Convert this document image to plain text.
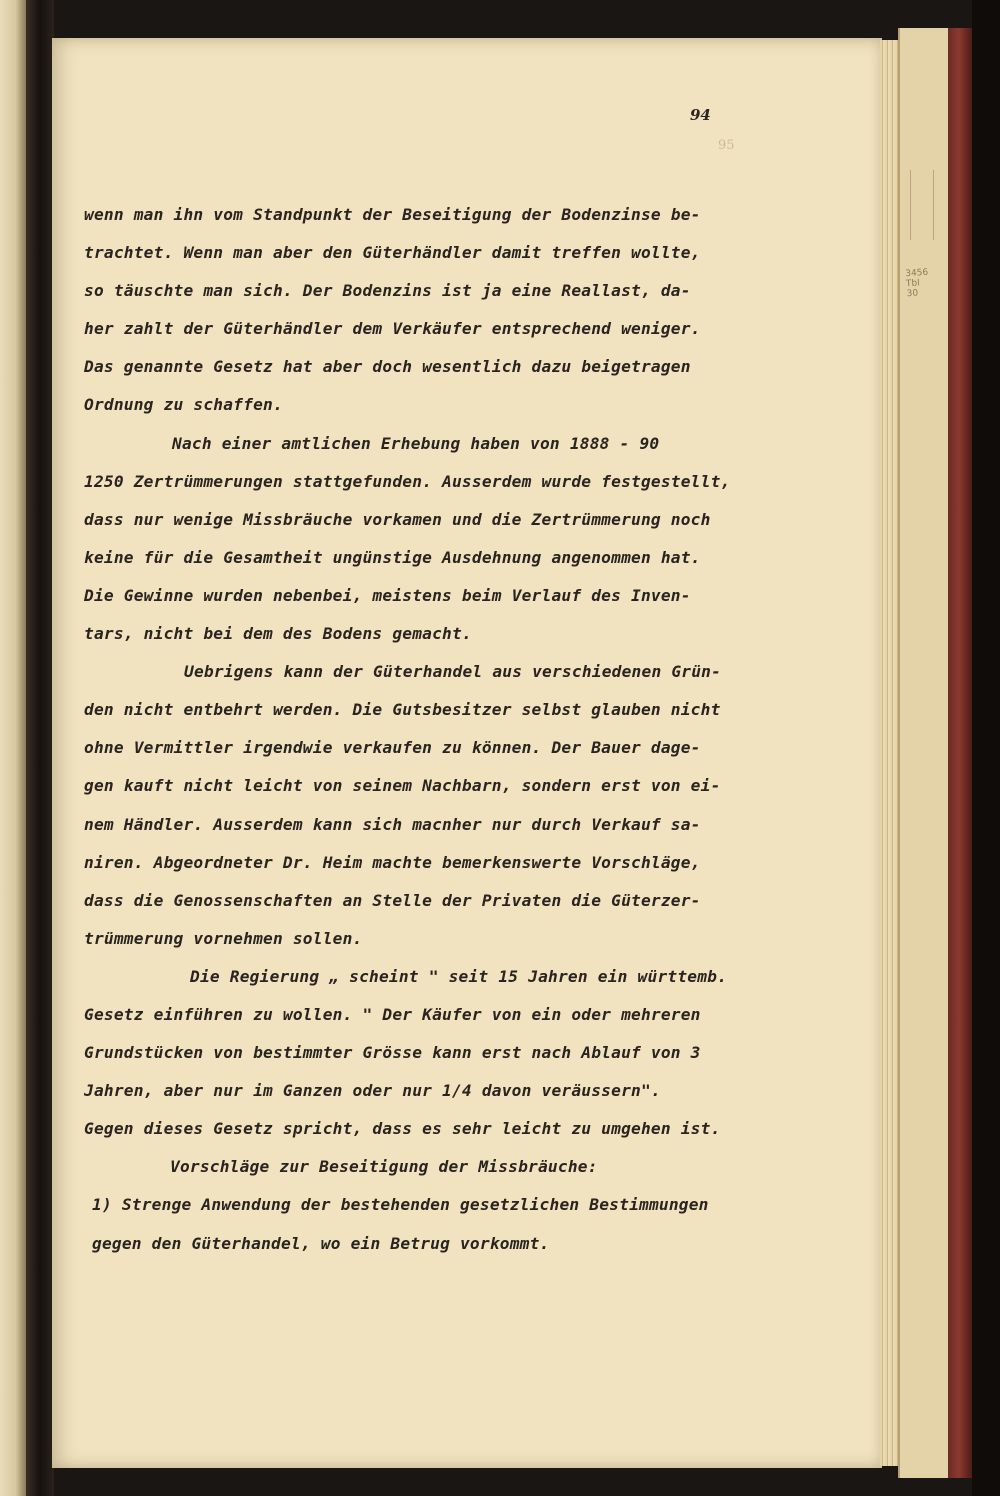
3456
Tbl
30
95
94
wenn man ihn vom Standpunkt der Beseitigung der Bodenzinse be-
trachtet. Wenn man aber den Güterhändler damit treffen wollte,
so täuschte man sich. Der Bodenzins ist ja eine Reallast, da-
her zahlt der Güterhändler dem Verkäufer entsprechend weniger.
Das genannte Gesetz hat aber doch wesentlich dazu beigetragen
Ordnung zu schaffen.
Nach einer amtlichen Erhebung haben von 1888 - 90
1250 Zertrümmerungen stattgefunden. Ausserdem wurde festgestellt,
dass nur wenige Missbräuche vorkamen und die Zertrümmerung noch
keine für die Gesamtheit ungünstige Ausdehnung angenommen hat.
Die Gewinne wurden nebenbei, meistens beim Verlauf des Inven-
tars, nicht bei dem des Bodens gemacht.
Uebrigens kann der Güterhandel aus verschiedenen Grün-
den nicht entbehrt werden. Die Gutsbesitzer selbst glauben nicht
ohne Vermittler irgendwie verkaufen zu können. Der Bauer dage-
gen kauft nicht leicht von seinem Nachbarn, sondern erst von ei-
nem Händler. Ausserdem kann sich macnher nur durch Verkauf sa-
niren. Abgeordneter Dr. Heim machte bemerkenswerte Vorschläge,
dass die Genossenschaften an Stelle der Privaten die Güterzer-
trümmerung vornehmen sollen.
Die Regierung „ scheint " seit 15 Jahren ein württemb.
Gesetz einführen zu wollen. " Der Käufer von ein oder mehreren
Grundstücken von bestimmter Grösse kann erst nach Ablauf von 3
Jahren, aber nur im Ganzen oder nur 1/4 davon veräussern".
Gegen dieses Gesetz spricht, dass es sehr leicht zu umgehen ist.
Vorschläge zur Beseitigung der Missbräuche:
1) Strenge Anwendung der bestehenden gesetzlichen Bestimmungen
gegen den Güterhandel, wo ein Betrug vorkommt.
